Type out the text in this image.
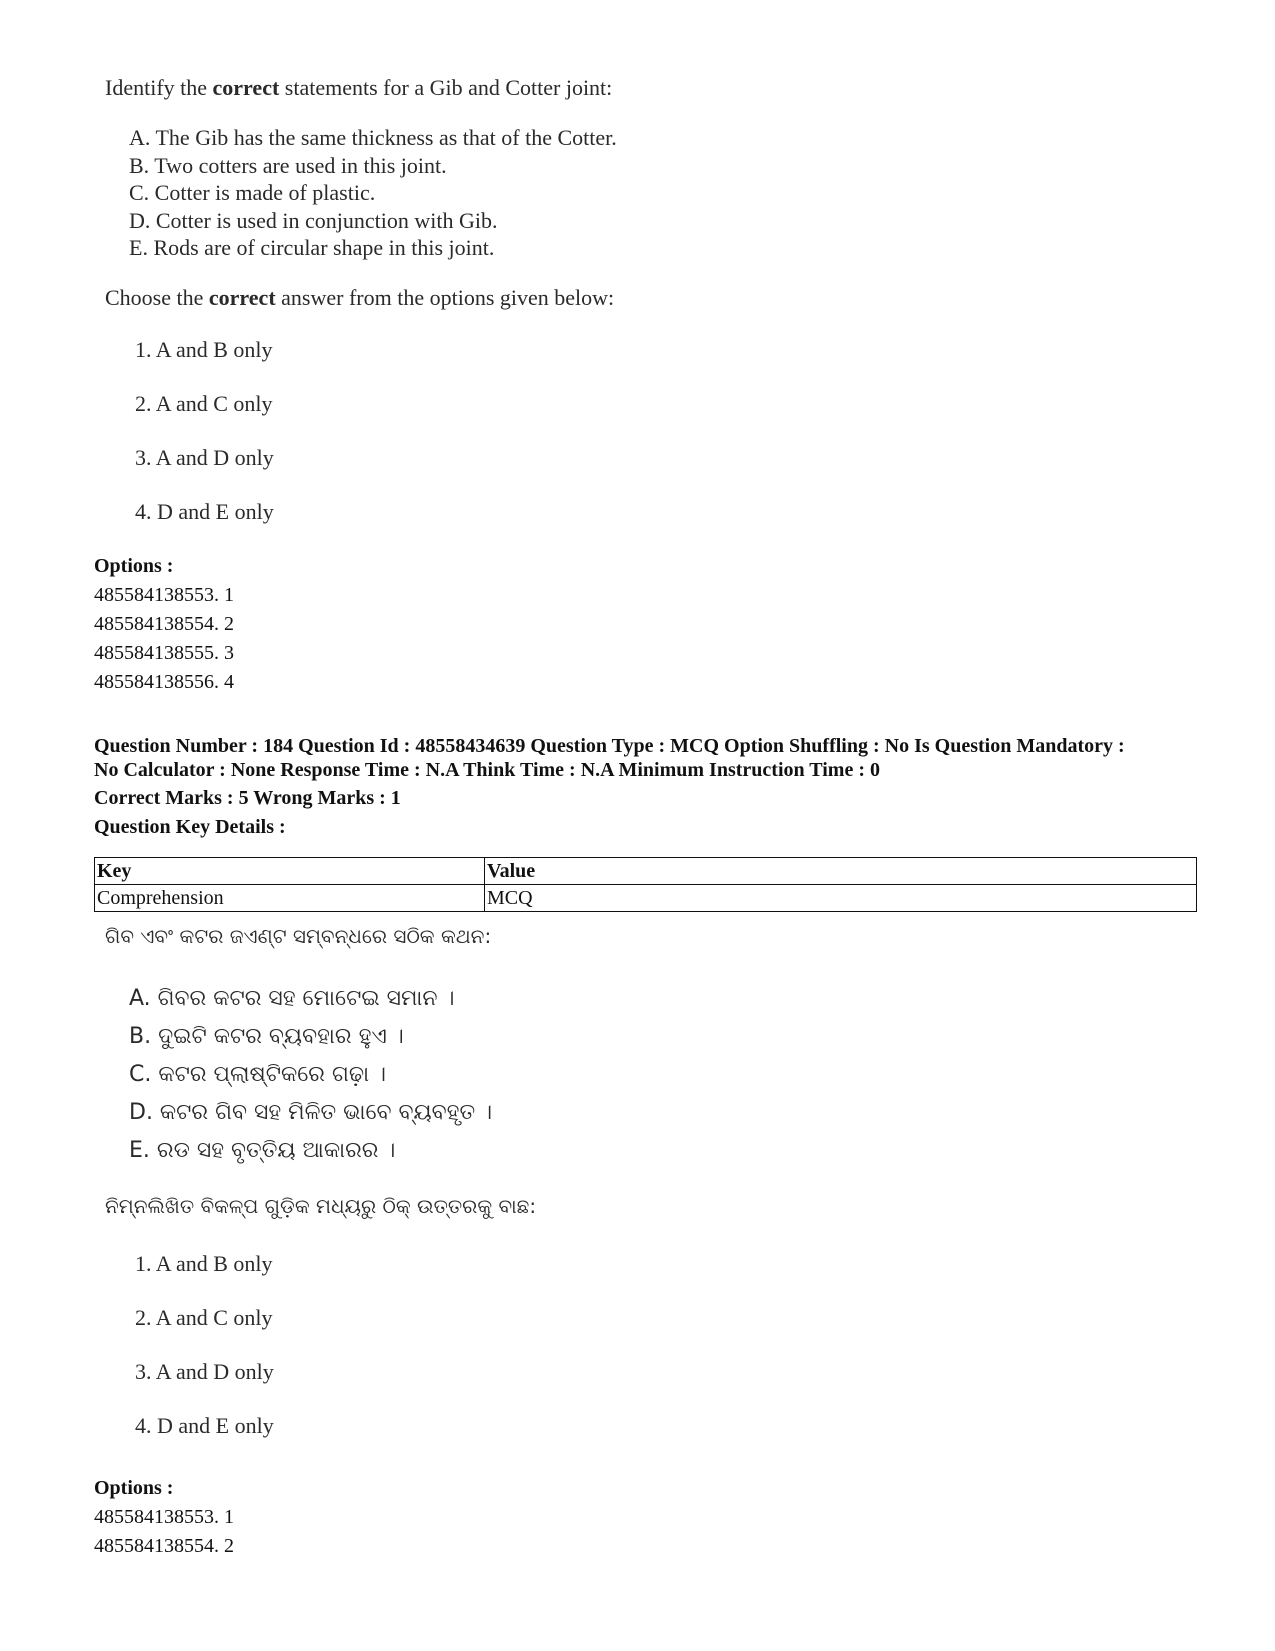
Identify the correct statements for a Gib and Cotter joint:

A. The Gib has the same thickness as that of the Cotter.
B. Two cotters are used in this joint.
C. Cotter is made of plastic.
D. Cotter is used in conjunction with Gib.
E. Rods are of circular shape in this joint.

Choose the correct answer from the options given below:

1. A and B only
2. A and C only
3. A and D only
4. D and E only
Options :
485584138553. 1
485584138554. 2
485584138555. 3
485584138556. 4
Question Number : 184 Question Id : 48558434639 Question Type : MCQ Option Shuffling : No Is Question Mandatory :
No Calculator : None Response Time : N.A Think Time : N.A Minimum Instruction Time : 0
Correct Marks : 5 Wrong Marks : 1
Question Key Details :
Key	Value
Comprehension	MCQ

ଗିବ ଏବଂ କଟର ଜଏଣ୍ଟ ସମ୍ବନ୍ଧରେ ସଠିକ କଥନ:

A. ଗିବର କଟର ସହ ମୋଟେଇ ସମାନ ।
B. ଦୁଇଟି କଟର ବ୍ୟବହାର ହୁଏ ।
C. କଟର ପ୍ଲାଷ୍ଟିକରେ ଗଢ଼ା ।
D. କଟର ଗିବ ସହ ମିଳିତ ଭାବେ ବ୍ୟବହୃତ ।
E. ରଡ ସହ ବୃତ୍ତିୟ ଆକାରର ।

ନିମ୍ନଲିଖିତ ବିକଳ୍ପ ଗୁଡ଼ିକ ମଧ୍ୟରୁ ଠିକ୍ ଉତ୍ତରକୁ ବାଛ:

1. A and B only
2. A and C only
3. A and D only
4. D and E only
Options :
485584138553. 1
485584138554. 2
